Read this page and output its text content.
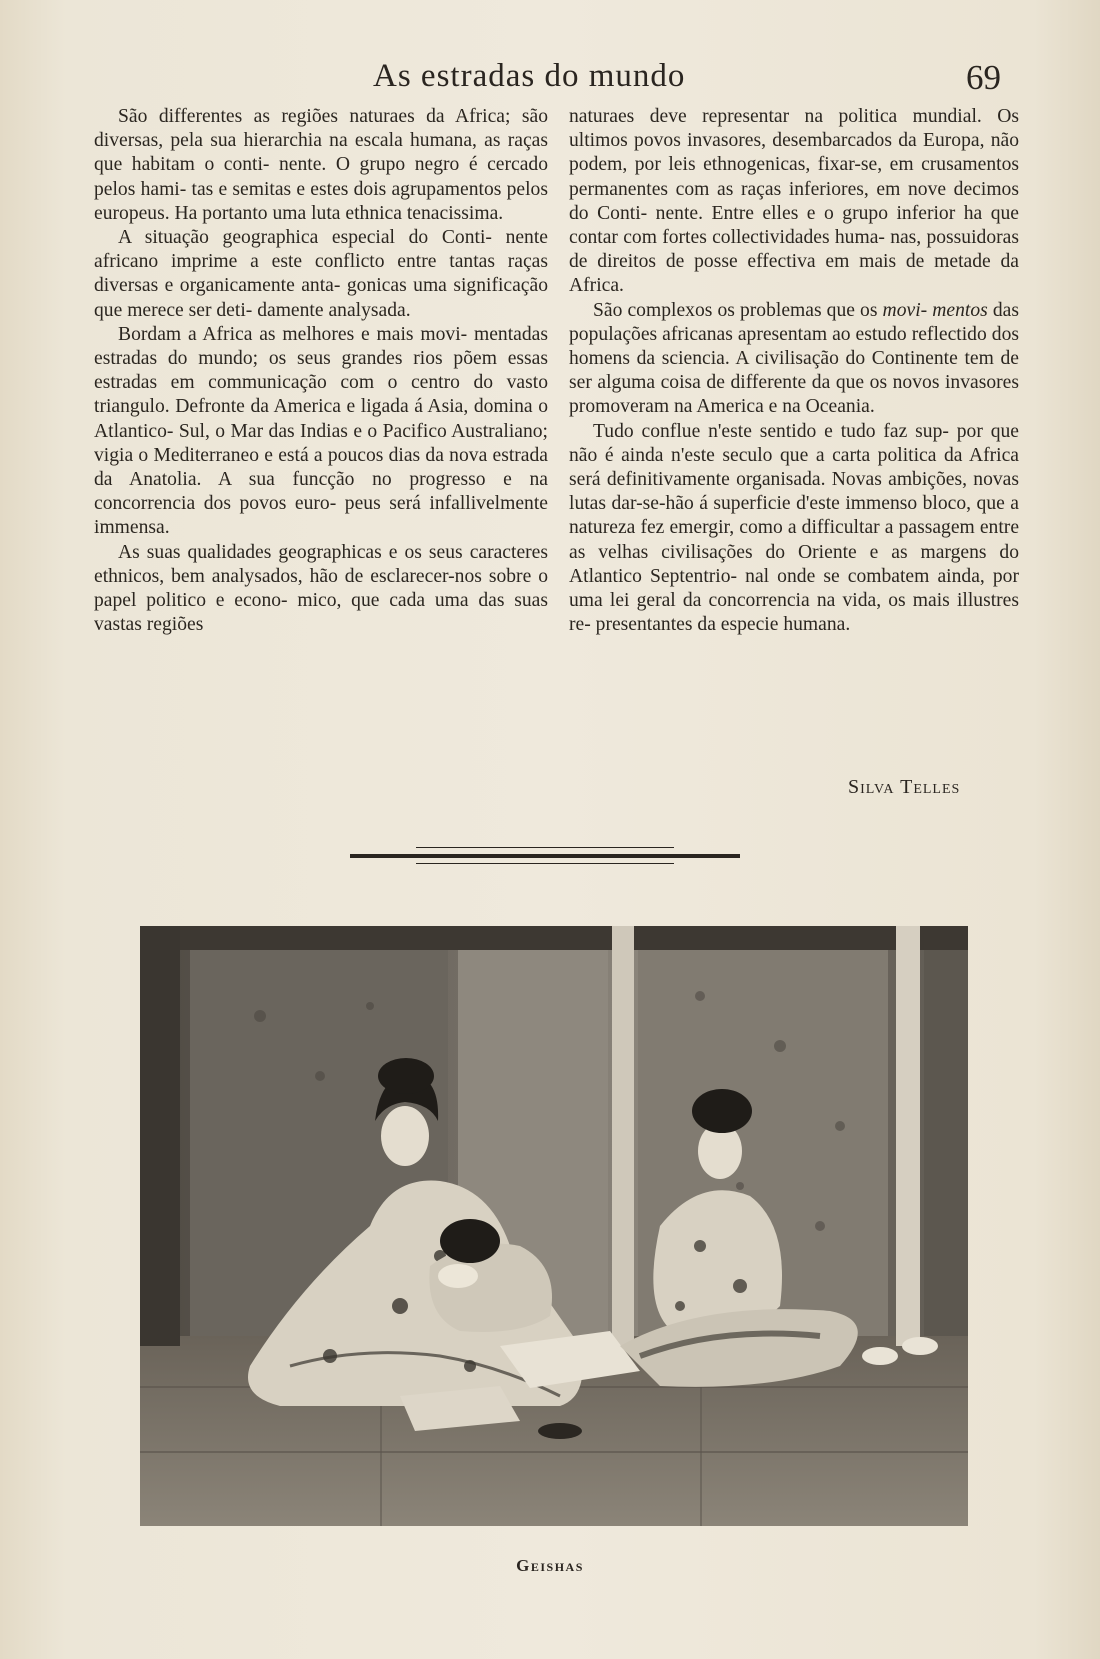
As estradas do mundo	69

São differentes as regiões naturaes da Africa; são diversas, pela sua hierarchia na escala humana, as raças que habitam o conti- nente. O grupo negro é cercado pelos hami- tas e semitas e estes dois agrupamentos pelos europeus. Ha portanto uma luta ethnica tenacissima.

A situação geographica especial do Conti- nente africano imprime a este conflicto entre tantas raças diversas e organicamente anta- gonicas uma significação que merece ser deti- damente analysada.

Bordam a Africa as melhores e mais movi- mentadas estradas do mundo; os seus grandes rios põem essas estradas em communicação com o centro do vasto triangulo. Defronte da America e ligada á Asia, domina o Atlantico- Sul, o Mar das Indias e o Pacifico Australiano; vigia o Mediterraneo e está a poucos dias da nova estrada da Anatolia. A sua funcção no progresso e na concorrencia dos povos euro- peus será infallivelmente immensa.

As suas qualidades geographicas e os seus caracteres ethnicos, bem analysados, hão de esclarecer-nos sobre o papel politico e econo- mico, que cada uma das suas vastas regiões

naturaes deve representar na politica mundial. Os ultimos povos invasores, desembarcados da Europa, não podem, por leis ethnogenicas, fixar-se, em crusamentos permanentes com as raças inferiores, em nove decimos do Conti- nente. Entre elles e o grupo inferior ha que contar com fortes collectividades huma- nas, possuidoras de direitos de posse effectiva em mais de metade da Africa.

São complexos os problemas que os movi- mentos das populações africanas apresentam ao estudo reflectido dos homens da sciencia. A civilisação do Continente tem de ser alguma coisa de differente da que os novos invasores promoveram na America e na Oceania.

Tudo conflue n'este sentido e tudo faz sup- por que não é ainda n'este seculo que a carta politica da Africa será definitivamente organisada. Novas ambições, novas lutas dar-se-hão á superficie d'este immenso bloco, que a natureza fez emergir, como a difficultar a passagem entre as velhas civilisações do Oriente e as margens do Atlantico Septentrio- nal onde se combatem ainda, por uma lei geral da concorrencia na vida, os mais illustres re- presentantes da especie humana.

Silva Telles
Geishas
